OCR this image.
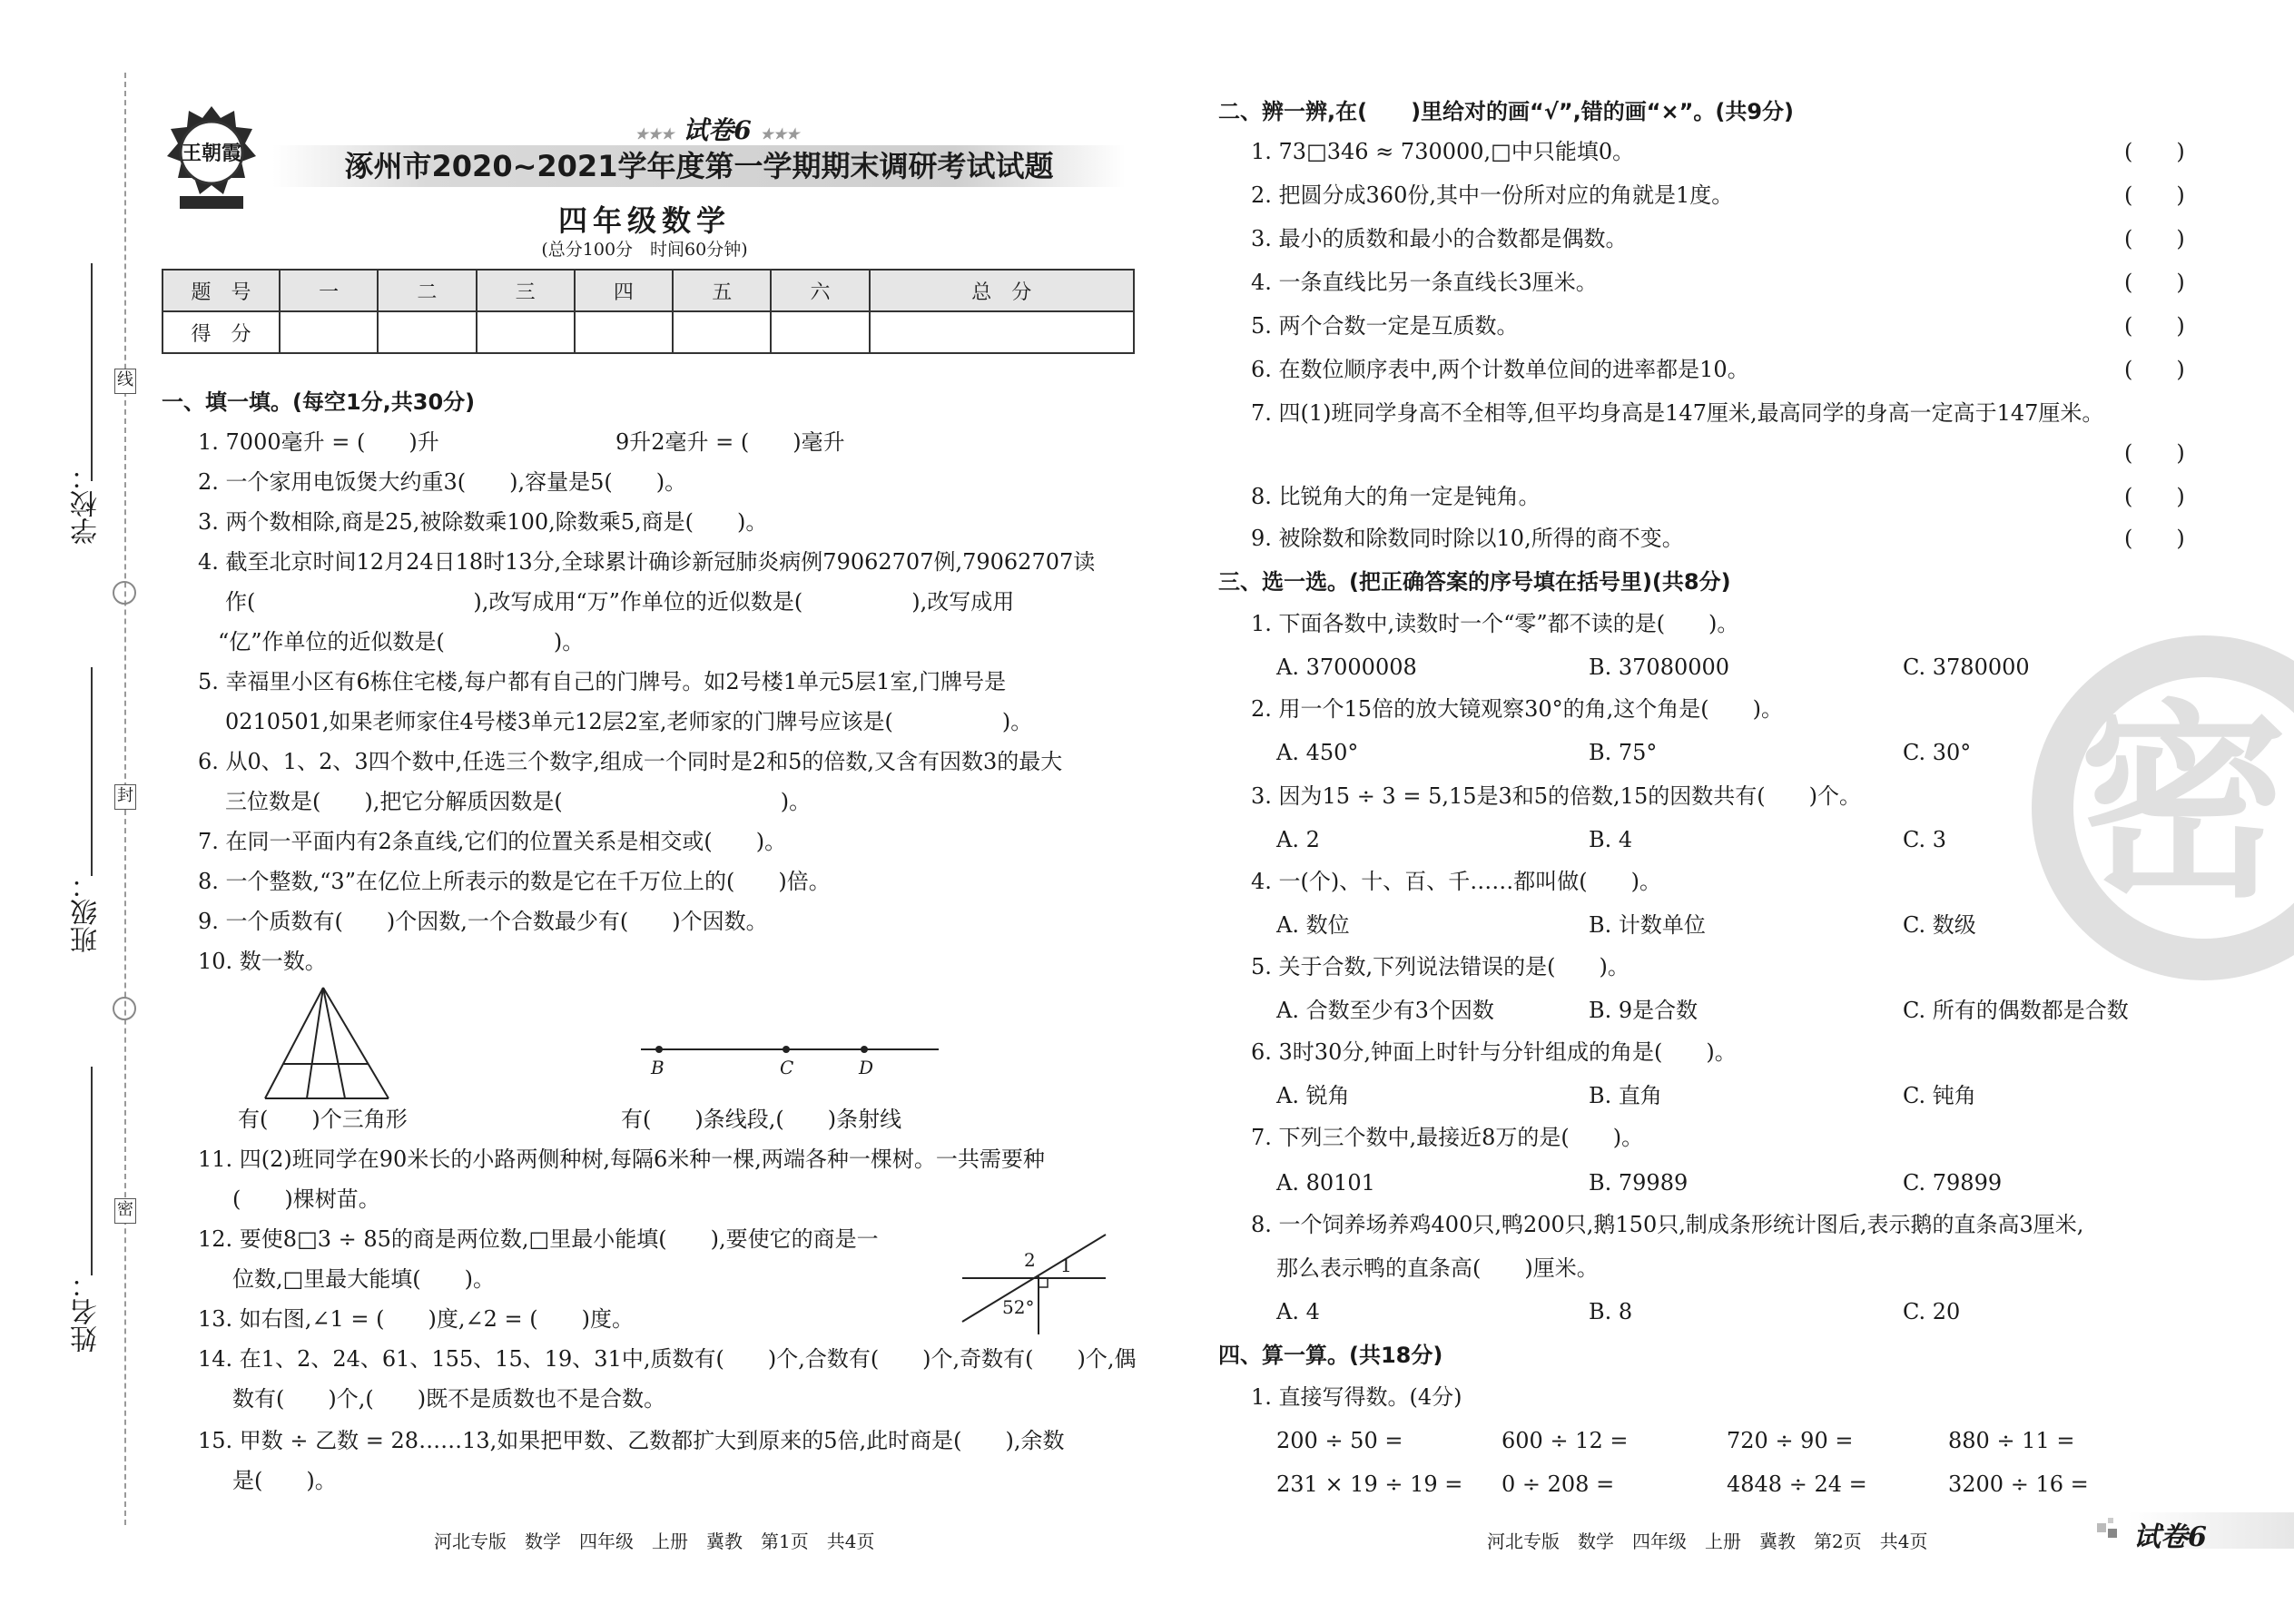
线
封
密
学校：
班级：
姓名：
王朝霞
★★★ 试卷6 ★★★
涿州市2020~2021学年度第一学期期末调研考试试题
四年级数学
(总分100分　时间60分钟)
题　号	一	二	三	四	五	六	总　分
得　分							
一、填一填。(每空1分,共30分)
1. 7000毫升 = (　　)升	9升2毫升 = (　　)毫升
2. 一个家用电饭煲大约重3(　　),容量是5(　　)。
3. 两个数相除,商是25,被除数乘100,除数乘5,商是(　　)。
4. 截至北京时间12月24日18时13分,全球累计确诊新冠肺炎病例79062707例,79062707读
作(　　　　　　　　　　),改写成用“万”作单位的近似数是(　　　　　),改写成用
“亿”作单位的近似数是(　　　　　)。
5. 幸福里小区有6栋住宅楼,每户都有自己的门牌号。如2号楼1单元5层1室,门牌号是
0210501,如果老师家住4号楼3单元12层2室,老师家的门牌号应该是(　　　　　)。
6. 从0、1、2、3四个数中,任选三个数字,组成一个同时是2和5的倍数,又含有因数3的最大
三位数是(　　),把它分解质因数是(　　　　　　　　　　)。
7. 在同一平面内有2条直线,它们的位置关系是相交或(　　)。
8. 一个整数,“3”在亿位上所表示的数是它在千万位上的(　　)倍。
9. 一个质数有(　　)个因数,一个合数最少有(　　)个因数。
10. 数一数。
有(　　)个三角形
B	C	D
有(　　)条线段,(　　)条射线
11. 四(2)班同学在90米长的小路两侧种树,每隔6米种一棵,两端各种一棵树。一共需要种
(　　)棵树苗。
12. 要使8□3 ÷ 85的商是两位数,□里最小能填(　　),要使它的商是一
位数,□里最大能填(　　)。
13. 如右图,∠1 = (　　)度,∠2 = (　　)度。
2 1
52°
14. 在1、2、24、61、155、15、19、31中,质数有(　　)个,合数有(　　)个,奇数有(　　)个,偶
数有(　　)个,(　　)既不是质数也不是合数。
15. 甲数 ÷ 乙数 = 28……13,如果把甲数、乙数都扩大到原来的5倍,此时商是(　　),余数
是(　　)。
河北专版　数学　四年级　上册　冀教　第1页　共4页
密
二、辨一辨,在(　　)里给对的画“√”,错的画“×”。(共9分)
1. 73□346 ≈ 730000,□中只能填0。	(　　)
2. 把圆分成360份,其中一份所对应的角就是1度。	(　　)
3. 最小的质数和最小的合数都是偶数。	(　　)
4. 一条直线比另一条直线长3厘米。	(　　)
5. 两个合数一定是互质数。	(　　)
6. 在数位顺序表中,两个计数单位间的进率都是10。	(　　)
7. 四(1)班同学身高不全相等,但平均身高是147厘米,最高同学的身高一定高于147厘米。
(　　)
8. 比锐角大的角一定是钝角。	(　　)
9. 被除数和除数同时除以10,所得的商不变。	(　　)
三、选一选。(把正确答案的序号填在括号里)(共8分)
1. 下面各数中,读数时一个“零”都不读的是(　　)。
A. 37000008	B. 37080000	C. 3780000
2. 用一个15倍的放大镜观察30°的角,这个角是(　　)。
A. 450°	B. 75°	C. 30°
3. 因为15 ÷ 3 = 5,15是3和5的倍数,15的因数共有(　　)个。
A. 2	B. 4	C. 3
4. 一(个)、十、百、千……都叫做(　　)。
A. 数位	B. 计数单位	C. 数级
5. 关于合数,下列说法错误的是(　　)。
A. 合数至少有3个因数	B. 9是合数	C. 所有的偶数都是合数
6. 3时30分,钟面上时针与分针组成的角是(　　)。
A. 锐角	B. 直角	C. 钝角
7. 下列三个数中,最接近8万的是(　　)。
A. 80101	B. 79989	C. 79899
8. 一个饲养场养鸡400只,鸭200只,鹅150只,制成条形统计图后,表示鹅的直条高3厘米,
那么表示鸭的直条高(　　)厘米。
A. 4	B. 8	C. 20
四、算一算。(共18分)
1. 直接写得数。(4分)
200 ÷ 50 =	600 ÷ 12 =	720 ÷ 90 =	880 ÷ 11 =
231 × 19 ÷ 19 = 0 ÷ 208 =	4848 ÷ 24 =	3200 ÷ 16 =
河北专版　数学　四年级　上册　冀教　第2页　共4页	试卷6
